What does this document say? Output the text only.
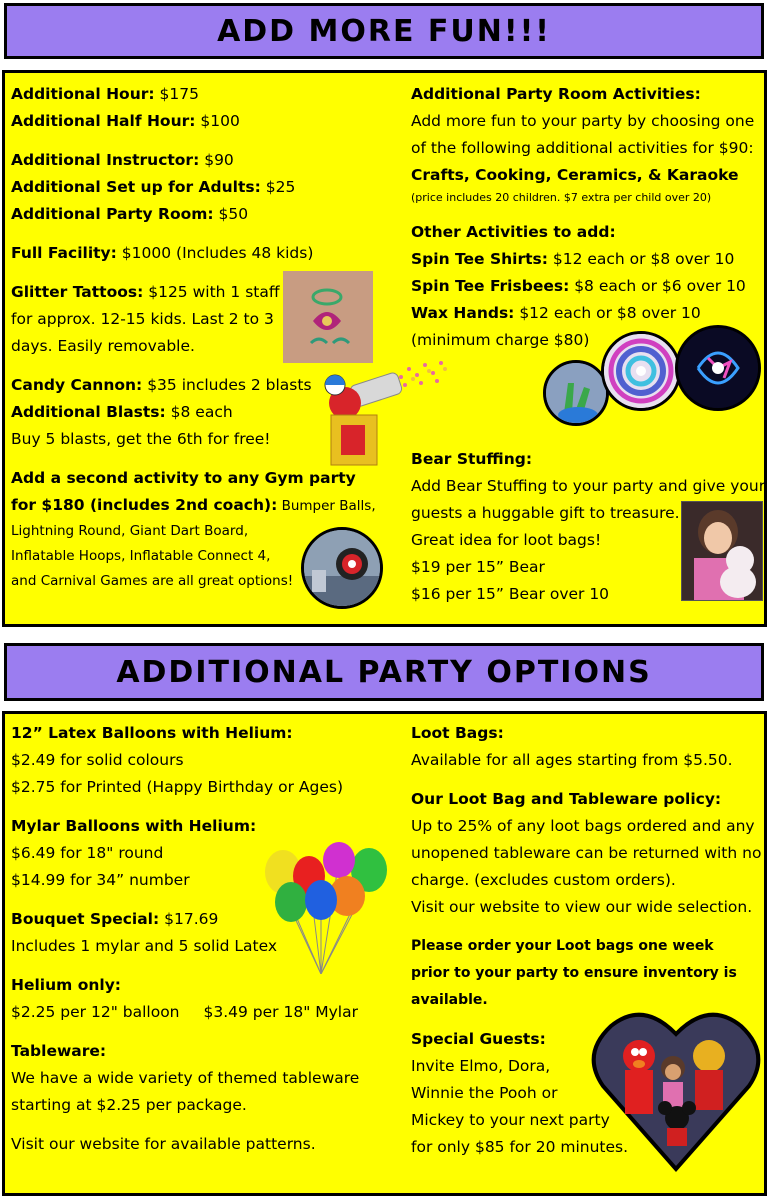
ADD MORE FUN!!!
Additional Hour: $175
Additional Half Hour: $100
Additional Instructor: $90
Additional Set up for Adults: $25
Additional Party Room: $50
Full Facility: $1000 (Includes 48 kids)
Glitter Tattoos: $125 with 1 staff
for approx. 12-15 kids. Last 2 to 3
days. Easily removable.
Candy Cannon: $35 includes 2 blasts
Additional Blasts: $8 each
Buy 5 blasts, get the 6th for free!
Add a second activity to any Gym party
for $180 (includes 2nd coach): Bumper Balls,
Lightning Round, Giant Dart Board,
Inflatable Hoops, Inflatable Connect 4,
and Carnival Games are all great options!
Additional Party Room Activities:
Add more fun to your party by choosing one
of the following additional activities for $90:
Crafts, Cooking, Ceramics, & Karaoke
(price includes 20 children. $7 extra per child over 20)
Other Activities to add:
Spin Tee Shirts: $12 each or $8 over 10
Spin Tee Frisbees: $8 each or $6 over 10
Wax Hands: $12 each or $8 over 10
(minimum charge $80)
Bear Stuffing:
Add Bear Stuffing to your party and give your
guests a huggable gift to treasure.
Great idea for loot bags!
$19 per 15” Bear
$16 per 15” Bear over 10
ADDITIONAL PARTY OPTIONS
12” Latex Balloons with Helium:
$2.49 for solid colours
$2.75 for Printed (Happy Birthday or Ages)
Mylar Balloons with Helium:
$6.49 for 18" round
$14.99 for 34” number
Bouquet Special: $17.69
Includes 1 mylar and 5 solid Latex
Helium only:
$2.25 per 12" balloon $3.49 per 18" Mylar
Tableware:
We have a wide variety of themed tableware
starting at $2.25 per package.
Visit our website for available patterns.
Loot Bags:
Available for all ages starting from $5.50.
Our Loot Bag and Tableware policy:
Up to 25% of any loot bags ordered and any
unopened tableware can be returned with no
charge. (excludes custom orders).
Visit our website to view our wide selection.
Please order your Loot bags one week
prior to your party to ensure inventory is
available.
Special Guests:
Invite Elmo, Dora,
Winnie the Pooh or
Mickey to your next party
for only $85 for 20 minutes.
